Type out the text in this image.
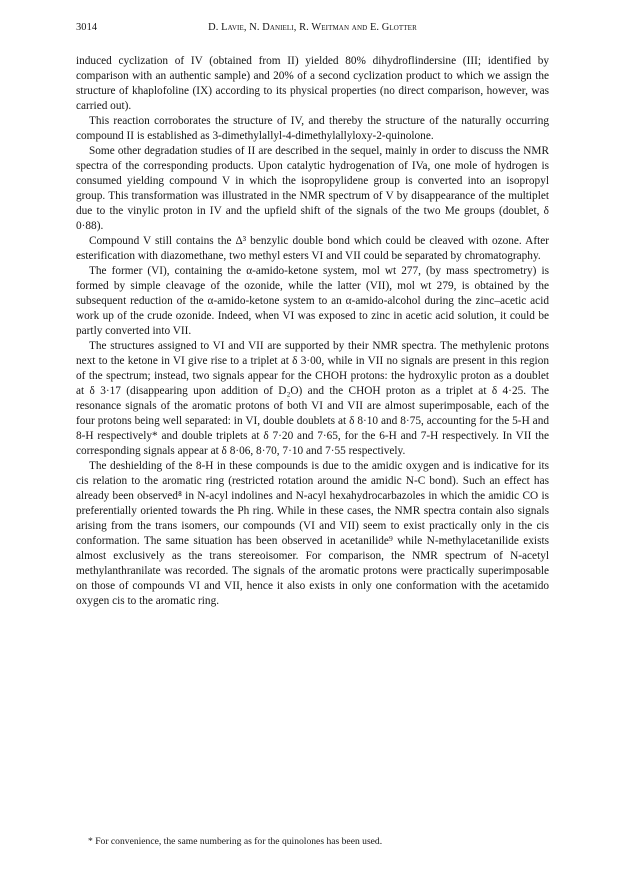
3014	D. Lavie, N. Danieli, R. Weitman and E. Glotter

induced cyclization of IV (obtained from II) yielded 80% dihydroflindersine (III; identified by comparison with an authentic sample) and 20% of a second cyclization product to which we assign the structure of khaplofoline (IX) according to its physical properties (no direct comparison, however, was carried out).

This reaction corroborates the structure of IV, and thereby the structure of the naturally occurring compound II is established as 3-dimethylallyl-4-dimethylallyloxy-2-quinolone.

Some other degradation studies of II are described in the sequel, mainly in order to discuss the NMR spectra of the corresponding products. Upon catalytic hydrogenation of IVa, one mole of hydrogen is consumed yielding compound V in which the isopropylidene group is converted into an isopropyl group. This transformation was illustrated in the NMR spectrum of V by disappearance of the multiplet due to the vinylic proton in IV and the upfield shift of the signals of the two Me groups (doublet, δ 0·88).

Compound V still contains the Δ³ benzylic double bond which could be cleaved with ozone. After esterification with diazomethane, two methyl esters VI and VII could be separated by chromatography.

The former (VI), containing the α-amido-ketone system, mol wt 277, (by mass spectrometry) is formed by simple cleavage of the ozonide, while the latter (VII), mol wt 279, is obtained by the subsequent reduction of the α-amido-ketone system to an α-amido-alcohol during the zinc–acetic acid work up of the crude ozonide. Indeed, when VI was exposed to zinc in acetic acid solution, it could be partly converted into VII.

The structures assigned to VI and VII are supported by their NMR spectra. The methylenic protons next to the ketone in VI give rise to a triplet at δ 3·00, while in VII no signals are present in this region of the spectrum; instead, two signals appear for the CHOH protons: the hydroxylic proton as a doublet at δ 3·17 (disappearing upon addition of D₂O) and the CHOH proton as a triplet at δ 4·25. The resonance signals of the aromatic protons of both VI and VII are almost superimposable, each of the four protons being well separated: in VI, double doublets at δ 8·10 and 8·75, accounting for the 5-H and 8-H respectively* and double triplets at δ 7·20 and 7·65, for the 6-H and 7-H respectively. In VII the corresponding signals appear at δ 8·06, 8·70, 7·10 and 7·55 respectively.

The deshielding of the 8-H in these compounds is due to the amidic oxygen and is indicative for its cis relation to the aromatic ring (restricted rotation around the amidic N-C bond). Such an effect has already been observed⁸ in N-acyl indolines and N-acyl hexahydrocarbazoles in which the amidic CO is preferentially oriented towards the Ph ring. While in these cases, the NMR spectra contain also signals arising from the trans isomers, our compounds (VI and VII) seem to exist practically only in the cis conformation. The same situation has been observed in acetanilide⁹ while N-methylacetanilide exists almost exclusively as the trans stereoisomer. For comparison, the NMR spectrum of N-acetyl methylanthranilate was recorded. The signals of the aromatic protons were practically superimposable on those of compounds VI and VII, hence it also exists in only one conformation with the acetamido oxygen cis to the aromatic ring.

* For convenience, the same numbering as for the quinolones has been used.
